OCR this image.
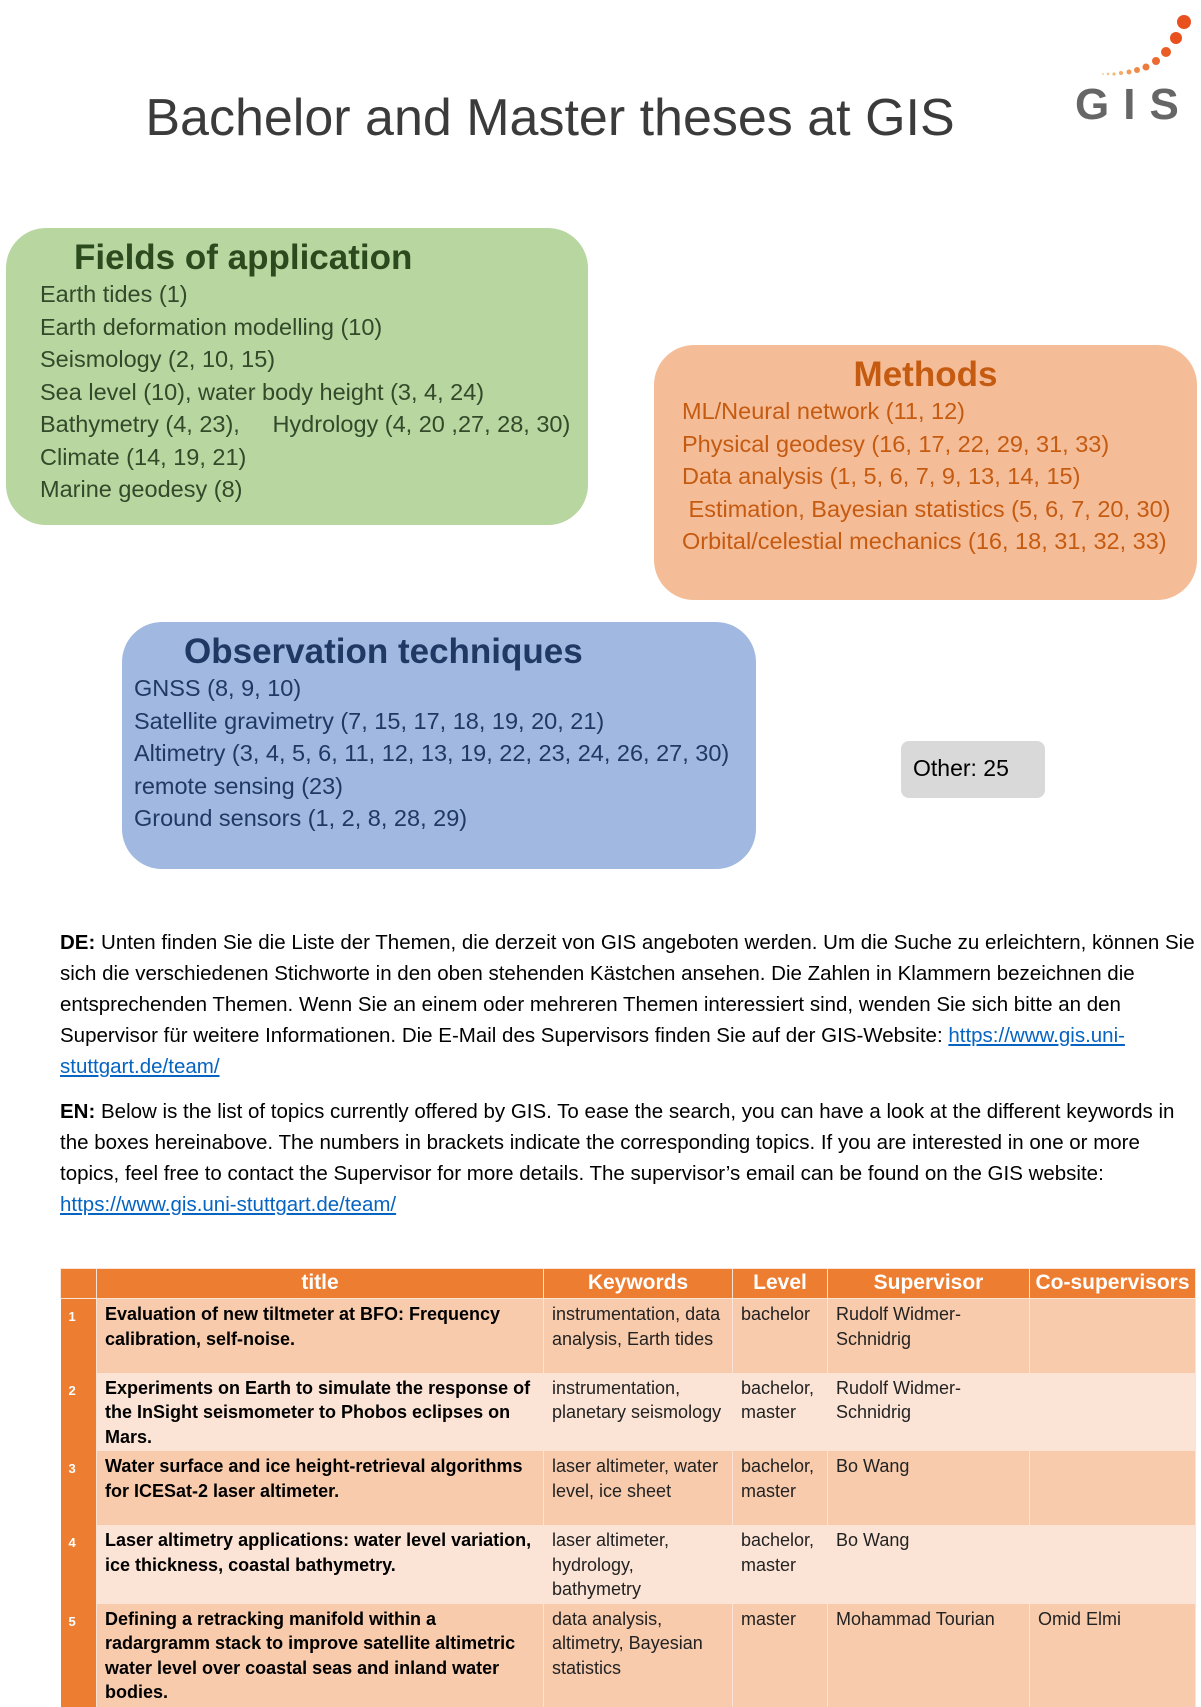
Bachelor and Master theses at GIS	GIS
Fields of application
Earth tides (1)
Earth deformation modelling (10)
Seismology (2, 10, 15)
Sea level (10), water body height (3, 4, 24)
Bathymetry (4, 23),     Hydrology (4, 20 ,27, 28, 30)
Climate (14, 19, 21)
Marine geodesy (8)
Methods
ML/Neural network (11, 12)
Physical geodesy (16, 17, 22, 29, 31, 33)
Data analysis (1, 5, 6, 7, 9, 13, 14, 15)
Estimation, Bayesian statistics (5, 6, 7, 20, 30)
Orbital/celestial mechanics (16, 18, 31, 32, 33)
Observation techniques
GNSS (8, 9, 10)
Satellite gravimetry (7, 15, 17, 18, 19, 20, 21)
Altimetry (3, 4, 5, 6, 11, 12, 13, 19, 22, 23, 24, 26, 27, 30)
remote sensing (23)
Ground sensors (1, 2, 8, 28, 29)
Other: 25

DE: Unten finden Sie die Liste der Themen, die derzeit von GIS angeboten werden. Um die Suche zu erleichtern, können Sie
sich die verschiedenen Stichworte in den oben stehenden Kästchen ansehen. Die Zahlen in Klammern bezeichnen die
entsprechenden Themen. Wenn Sie an einem oder mehreren Themen interessiert sind, wenden Sie sich bitte an den
Supervisor für weitere Informationen. Die E-Mail des Supervisors finden Sie auf der GIS-Website: https://www.gis.uni-
stuttgart.de/team/

EN: Below is the list of topics currently offered by GIS. To ease the search, you can have a look at the different keywords in
the boxes hereinabove. The numbers in brackets indicate the corresponding topics. If you are interested in one or more
topics, feel free to contact the Supervisor for more details. The supervisor’s email can be found on the GIS website:
https://www.gis.uni-stuttgart.de/team/

	title	Keywords	Level	Supervisor	Co-supervisors
1	Evaluation of new tiltmeter at BFO: Frequency calibration, self-noise.	instrumentation, data analysis, Earth tides	bachelor	Rudolf Widmer-Schnidrig	
2	Experiments on Earth to simulate the response of the InSight seismometer to Phobos eclipses on Mars.	instrumentation, planetary seismology	bachelor, master	Rudolf Widmer-Schnidrig	
3	Water surface and ice height-retrieval algorithms for ICESat-2 laser altimeter.	laser altimeter, water level, ice sheet	bachelor, master	Bo Wang	
4	Laser altimetry applications: water level variation, ice thickness, coastal bathymetry.	laser altimeter, hydrology, bathymetry	bachelor, master	Bo Wang	
5	Defining a retracking manifold within a radargramm stack to improve satellite altimetric water level over coastal seas and inland water bodies.	data analysis, altimetry, Bayesian statistics	master	Mohammad Tourian	Omid Elmi
